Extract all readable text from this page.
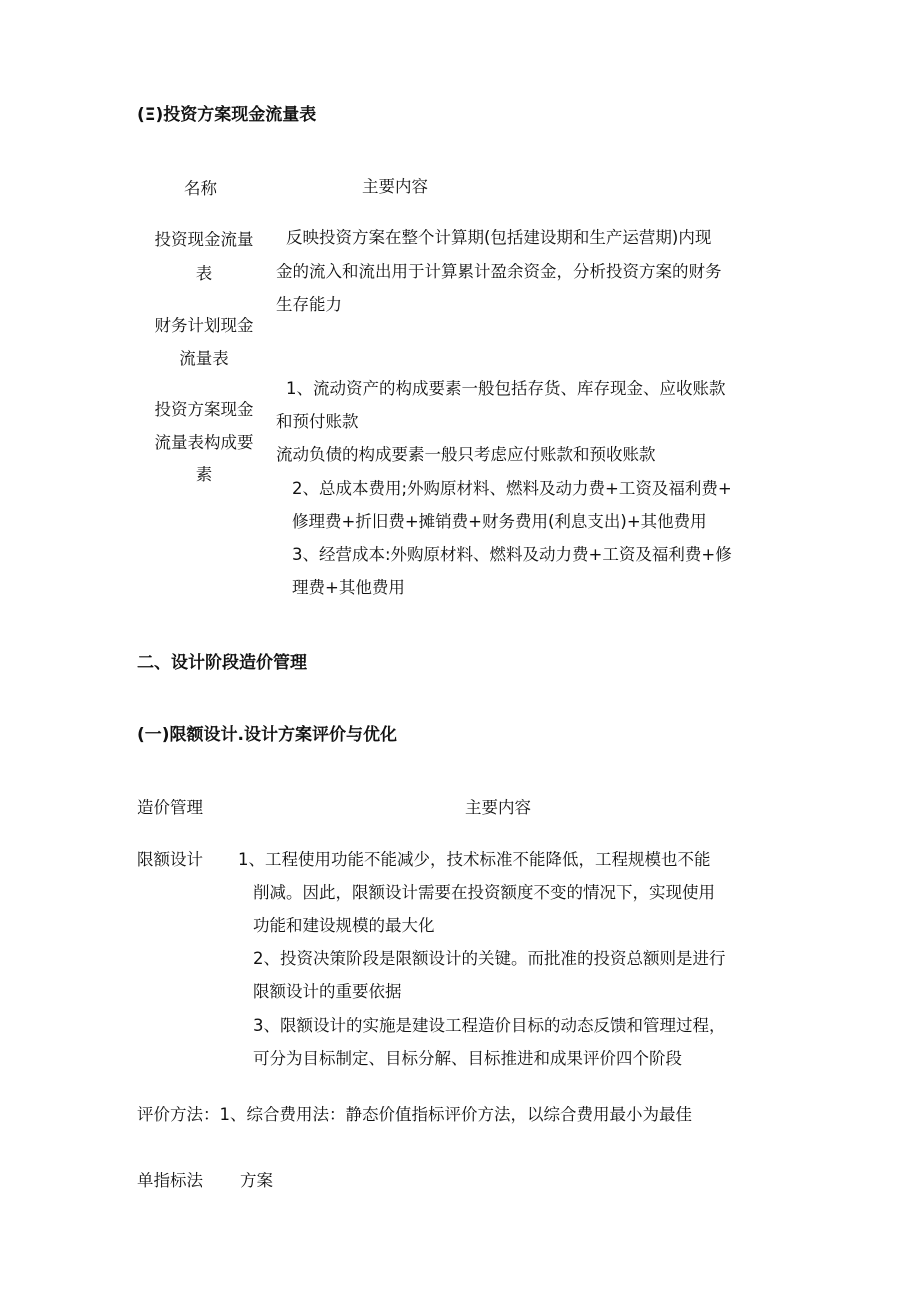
(Ξ)投资方案现金流量表
名称	主要内容
投资现金流量
表
反映投资方案在整个计算期(包括建设期和生产运营期)内现
金的流入和流出用于计算累计盈余资金，分析投资方案的财务
生存能力
财务计划现金
流量表
投资方案现金
流量表构成要
素
1、流动资产的构成要素一般包括存货、库存现金、应收账款
和预付账款
流动负债的构成要素一般只考虑应付账款和预收账款
2、总成本费用;外购原材料、燃料及动力费+工资及福利费+
修理费+折旧费+摊销费+财务费用(利息支出)+其他费用
3、经营成本:外购原材料、燃料及动力费+工资及福利费+修
理费+其他费用
二、设计阶段造价管理
(一)限额设计.设计方案评价与优化
造价管理	主要内容
限额设计 1、工程使用功能不能减少，技术标准不能降低，工程规模也不能
削减。因此，限额设计需要在投资额度不变的情况下，实现使用
功能和建设规模的最大化
2、投资决策阶段是限额设计的关键。而批准的投资总额则是进行
限额设计的重要依据
3、限额设计的实施是建设工程造价目标的动态反馈和管理过程，
可分为目标制定、目标分解、目标推进和成果评价四个阶段
评价方法：1、综合费用法：静态价值指标评价方法，以综合费用最小为最佳
单指标法 方案
